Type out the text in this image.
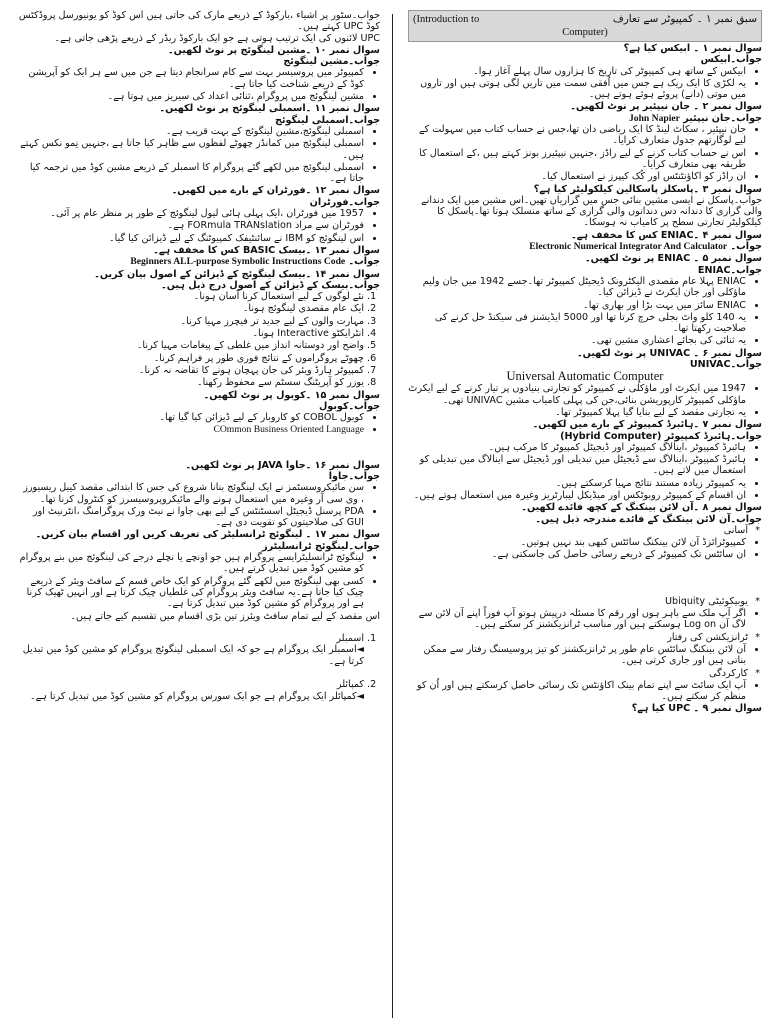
(Introduction to	سبق نمبر ۱ ۔ کمپیوٹر سے تعارف
Computer)

سوال نمبر ۱ ۔ ابیکس کیا ہے؟

جواب۔ابیکس

• ابیکس کے ساتھ ہی کمپیوٹر کی تاریخ کا ہزاروں سال پہلے آغاز ہوا۔
• یہ لکڑی کا ایک ریک ہے جس میں اُفقی سمت میں تاریں لگی ہوتی ہیں اور تاروں میں موتی (دانے) پروئے ہوئے ہوتے ہیں۔

سوال نمبر ۲ ۔ جان نیپئیر پر نوٹ لکھیں۔

جواب۔جان نیپئیر John Napier

• جان نیپئیر ، سکاٹ لینڈ کا ایک ریاضی دان تھا،جس نے حساب کتاب میں سہولت کے لیے لوگارتھم جدول متعارف کرایا۔
• اس نے حساب کتاب کرنے کے لیے راڈز ،جنہیں نیپئیرز بونز کہتے ہیں ،کے استعمال کا طریقہ بھی متعارف کرایا۔
• ان راڈز کو اکاؤنٹنٹس اور کُک کیپرز نے استعمال کیا۔

سوال نمبر ۳ ۔پاسکلز پاسکالین کیلکولیٹر کیا ہے؟

جواب۔پاسکل نے ایسی مشین بنائی جس میں گراریاں تھیں۔اس مشین میں ایک دندانے والی گراری کا دندانہ دس دندانوں والی گراری کے ساتھ منسلک ہوتا تھا۔پاسکل کا کیلکولیٹر تجارتی سطح پر کامیاب نہ ہوسکا۔

سوال نمبر ۴ ۔ENIAC کس کا مخفف ہے۔

جواب۔ Electronic Numerical Integrator And Calculator

سوال نمبر ۵ ۔ ENIAC پر نوٹ لکھیں۔

جواب۔ENIAC

• ENIAC پہلا عام مقصدی الیکٹرونک ڈیجیٹل کمپیوٹر تھا۔جسے 1942 میں جان ولیم ماؤکلی اور جان ایکرٹ نے ڈیزائن کیا۔
• ENIAC سائز میں بہت بڑا اور بھاری تھا۔
• یہ 140 کلو واٹ بجلی خرچ کرتا تھا اور 5000 ایڈیشنز فی سیکنڈ حل کرنے کی صلاحیت رکھتا تھا۔
• یہ ثنائی کی بجائے اعشاری مشین تھی۔

سوال نمبر ۶ ۔ UNIVAC پر نوٹ لکھیں۔

جواب۔UNIVAC

Universal Automatic Computer

• 1947 میں ایکرٹ اور ماؤکلی نے کمپیوٹر کو تجارتی بنیادوں پر تیار کرنے کے لیے ایکرٹ ماؤکلی کمپیوٹر کارپوریشن بنائی،جن کی پہلی کامیاب مشین UNIVAC تھی۔
• یہ تجارتی مقصد کے لیے بنایا گیا پہلا کمپیوٹر تھا۔

سوال نمبر ۷ ۔ہائبرڈ کمپیوٹر کے بارے میں لکھیں۔

جواب۔ہائبرڈ کمپیوٹر (Hybrid Computer)

• ہائبرڈ کمپیوٹر ،اینالاگ کمپیوٹر اور ڈیجیٹل کمپیوٹر کا مرکب ہیں۔
• ہائبرڈ کمپیوٹر ،اینالاگ سے ڈیجیٹل میں تبدیلی اور ڈیجیٹل سے اینالاگ میں تبدیلی کو استعمال میں لاتے ہیں۔
• یہ کمپیوٹر زیادہ مستند نتائج مہیا کرسکتے ہیں۔
• ان اقسام کے کمپیوٹر روبوٹکس اور میڈیکل لیبارٹریز وغیرہ میں استعمال ہوتے ہیں۔

سوال نمبر ۸ ۔آن لائن بینکنگ کے کچھ فائدے لکھیں۔

جواب۔آن لائن بینکنگ کے فائدے مندرجہ ذیل ہیں۔

* آسانی
• کمپیوٹرائزڈ آن لائن بینکنگ سائٹس کبھی بند نہیں ہوتیں۔
• ان سائٹس تک کمپیوٹر کے ذریعے رسائی حاصل کی جاسکتی ہے۔
* یوبیکوئیٹی Ubiquity
• اگر آپ ملک سے باہر ہوں اور رقم کا مسئلہ درپیش ہوتو آپ فوراً اپنے آن لائن سے لاگ آن Log on ہوسکتے ہیں اور مناسب ٹرانزیکشنز کر سکتے ہیں۔
* ٹرانزیکشن کی رفتار
• آن لائن بینکنگ سائٹس عام طور پر ٹرانزیکشنز کو تیز پروسیسنگ رفتار سے ممکن بناتی ہیں اور جاری کرتی ہیں۔
* کارکردگی
• آپ ایک سائٹ سے اپنے تمام بینک اکاؤنٹس تک رسائی حاصل کرسکتے ہیں اور اُن کو منظم کر سکتے ہیں۔

سوال نمبر ۹ ۔ UPC کیا ہے؟

جواب۔سٹور پر اشیاء ،بارکوڈ کے ذریعے مارک کی جاتی ہیں اس کوڈ کو یونیورسل پروڈکٹس کوڈ UPC کہتے ہیں۔

UPC لائنوں کی ایک ترتیب ہوتی ہے جو ایک بارکوڈ ریڈر کے ذریعے پڑھی جاتی ہے۔

سوال نمبر ۱۰ ۔مشین لینگوئج پر نوٹ لکھیں۔

جواب۔مشین لینگوئج

• کمپیوٹر میں پروسیسر بہت سے کام سرانجام دیتا ہے جن میں سے ہر ایک کو آپریشن کوڈ کے ذریعے شناخت کیا جاتا ہے۔
• مشین لینگوئج میں پروگرام ،ثنائی اعداد کی سیریز میں ہوتا ہے۔

سوال نمبر ۱۱ ۔اسمبلی لینگوئج پر نوٹ لکھیں۔

جواب۔اسمبلی لینگوئج

• اسمبلی لینگوئج،مشین لینگوئج کے بہت قریب ہے۔
• اسمبلی لینگوئج میں کمانڈز چھوٹے لفظوں سے ظاہر کیا جاتا ہے ،جنہیں نِمو نکس کہتے ہیں۔
• اسمبلی لینگوئج میں لکھے گئے پروگرام کا اسمبلر کے ذریعے مشین کوڈ میں ترجمہ کیا جاتا ہے۔

سوال نمبر ۱۲ ۔فورٹران کے بارے میں لکھیں۔

جواب۔فورٹران

• 1957 میں فورٹران ،ایک پہلی ہائی لیول لینگوئج کے طور پر منظر عام پر آئی۔
• فورٹران سے مراد FORmula TRANslation ہے۔
• اس لینگوئج کو IBM نے سائنٹیفک کمپیوٹنگ کے لیے ڈیزائن کیا گیا۔

سوال نمبر ۱۳ ۔بیسک BASIC کس کا مخفف ہے۔

جواب۔ Beginners ALL-purpose Symbolic Instructions Code

سوال نمبر ۱۴ ۔بیسک لینگوئج کے ڈیزائن کے اصول بیان کریں۔

جواب۔بیسک کے ڈیزائن کے اصول درج ذیل ہیں۔

1. نئے لوگوں کے لیے استعمال کرنا آسان ہونا۔
2. ایک عام مقصدی لینگوئج ہونا۔
3. مہارت والوں کے لیے جدید تر فیچرز مہیا کرنا۔
4. انٹرایکٹو Interactive ہونا۔
5. واضح اور دوستانہ انداز میں غلطی کے پیغامات مہیا کرنا۔
6. چھوٹے پروگراموں کے نتائج فوری طور پر فراہم کرنا۔
7. کمپیوٹر ہارڈ ویئر کی جان پہچان ہونے کا تقاضہ نہ کرنا۔
8. یوزر کو آپریٹنگ سسٹم سے محفوظ رکھنا۔

سوال نمبر ۱۵ ۔کوبول پر نوٹ لکھیں۔

جواب۔کوبول

• کوبول COBOL کو کاروبار کے لیے ڈیزائن کیا گیا تھا۔
• COmmon Business Oriented Language

سوال نمبر ۱۶ ۔جاوا JAVA پر نوٹ لکھیں۔

جواب۔جاوا

• سن مائیکروسسٹمز نے ایک لینگوئج بنانا شروع کی جس کا ابتدائی مقصد کیبل ریسیورز ، وی سی آر وغیرہ میں استعمال ہونے والے مائیکروپروسیسرز کو کنٹرول کرنا تھا۔
• PDA پرسنل ڈیجیٹل اسسٹنٹس کے لیے بھی جاوا نے نیٹ ورک پروگرامنگ ،انٹرنیٹ اور GUI کی صلاحیتوں کو تقویت دی ہے۔

سوال نمبر ۱۷ ۔ لینگوئج ٹرانسلیٹر کی تعریف کریں اور اقسام بیان کریں۔

جواب۔لینگوئج ٹرانسلیٹرز

• لینگوئج ٹرانسلیٹرایسے پروگرام ہیں جو اونچے یا نچلے درجے کی لینگوئج میں بنے پروگرام کو مشین کوڈ میں تبدیل کرتے ہیں۔
• کسی بھی لینگوئج میں لکھے گئے پروگرام کو ایک خاص قسم کے سافٹ ویئر کے ذریعے چیک کیا جاتا ہے۔یہ سافٹ ویئر پروگرام کی غلطیاں چیک کرتا ہے اور انہیں ٹھیک کرنا ہے اور پروگرام کو مشین کوڈ میں تبدیل کرتا ہے۔

اس مقصد کے لیے تمام سافٹ ویئرز تین بڑی اقسام میں تقسیم کیے جاتے ہیں۔

1. اسمبلر
◄اسمبلر ایک پروگرام ہے جو کہ ایک اسمبلی لینگوئج پروگرام کو مشین کوڈ میں تبدیل کرتا ہے۔

2. کمپائلر
◄کمپائلر ایک پروگرام ہے جو ایک سورس پروگرام کو مشین کوڈ میں تبدیل کرتا ہے۔
